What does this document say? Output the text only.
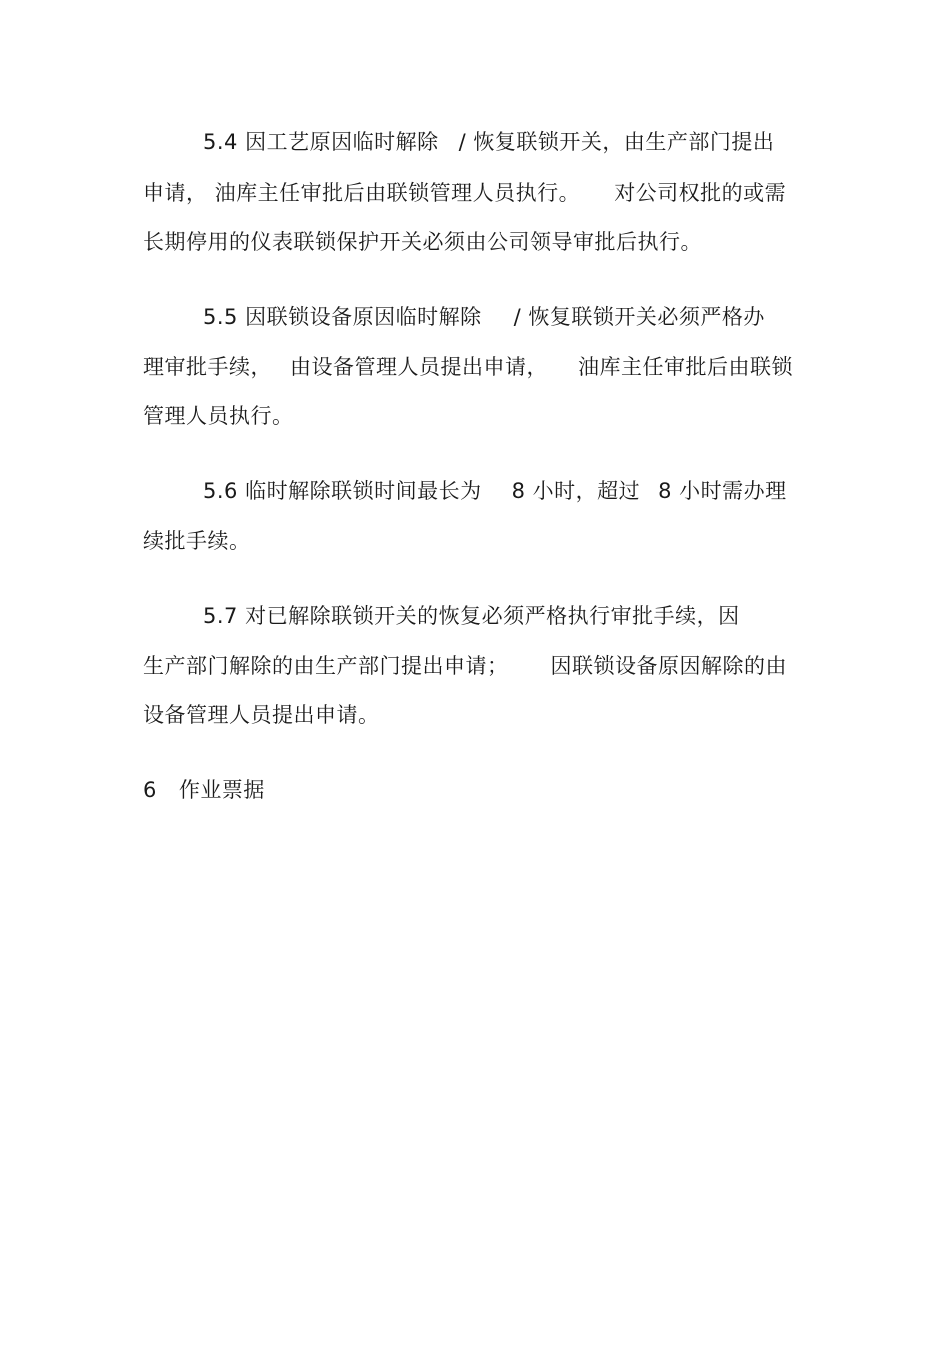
5.4 因工艺原因临时解除 / 恢复联锁开关，由生产部门提出
申请， 油库主任审批后由联锁管理人员执行。 对公司权批的或需
长期停用的仪表联锁保护开关必须由公司领导审批后执行。
5.5 因联锁设备原因临时解除 / 恢复联锁开关必须严格办
理审批手续， 由设备管理人员提出申请， 油库主任审批后由联锁
管理人员执行。
5.6 临时解除联锁时间最长为 8 小时，超过 8 小时需办理
续批手续。
5.7 对已解除联锁开关的恢复必须严格执行审批手续，因
生产部门解除的由生产部门提出申请； 因联锁设备原因解除的由
设备管理人员提出申请。
6 作业票据
